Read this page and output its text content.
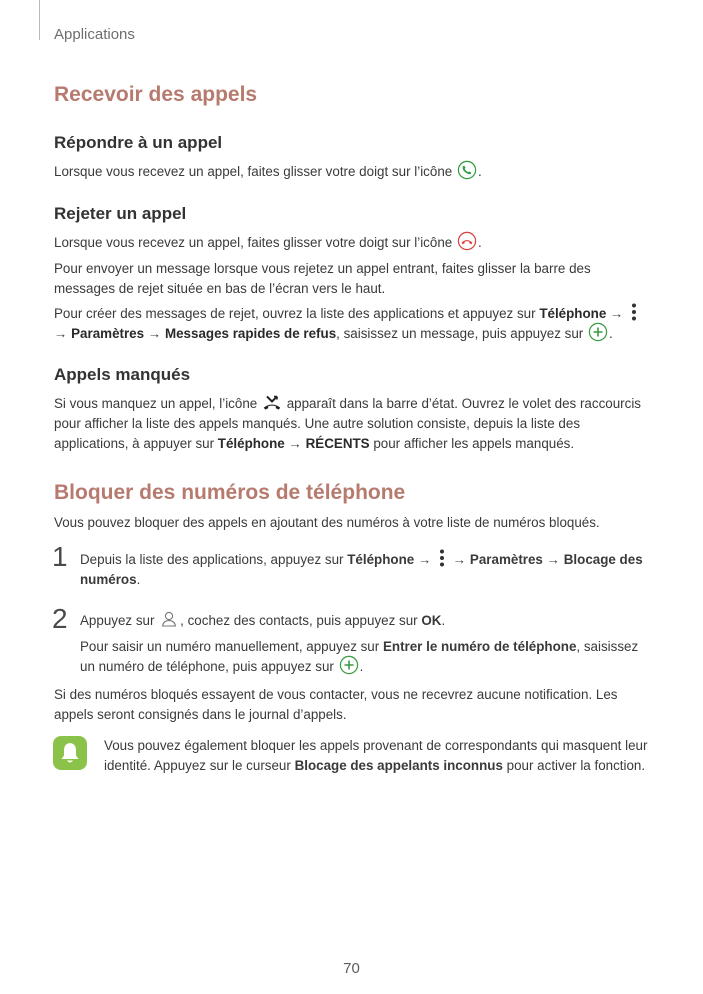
Applications
Recevoir des appels
Répondre à un appel
Lorsque vous recevez un appel, faites glisser votre doigt sur l’icône .
Rejeter un appel
Lorsque vous recevez un appel, faites glisser votre doigt sur l’icône .
Pour envoyer un message lorsque vous rejetez un appel entrant, faites glisser la barre des messages de rejet située en bas de l’écran vers le haut.
Pour créer des messages de rejet, ouvrez la liste des applications et appuyez sur Téléphone →
→ Paramètres → Messages rapides de refus, saisissez un message, puis appuyez sur .
Appels manqués
Si vous manquez un appel, l’icône apparaît dans la barre d’état. Ouvrez le volet des raccourcis pour afficher la liste des appels manqués. Une autre solution consiste, depuis la liste des applications, à appuyer sur Téléphone → RÉCENTS pour afficher les appels manqués.
Bloquer des numéros de téléphone
Vous pouvez bloquer des appels en ajoutant des numéros à votre liste de numéros bloqués.
1 Depuis la liste des applications, appuyez sur Téléphone → → Paramètres → Blocage des numéros.
2 Appuyez sur , cochez des contacts, puis appuyez sur OK.
Pour saisir un numéro manuellement, appuyez sur Entrer le numéro de téléphone, saisissez un numéro de téléphone, puis appuyez sur .
Si des numéros bloqués essayent de vous contacter, vous ne recevrez aucune notification. Les appels seront consignés dans le journal d’appels.
Vous pouvez également bloquer les appels provenant de correspondants qui masquent leur identité. Appuyez sur le curseur Blocage des appelants inconnus pour activer la fonction.
70
